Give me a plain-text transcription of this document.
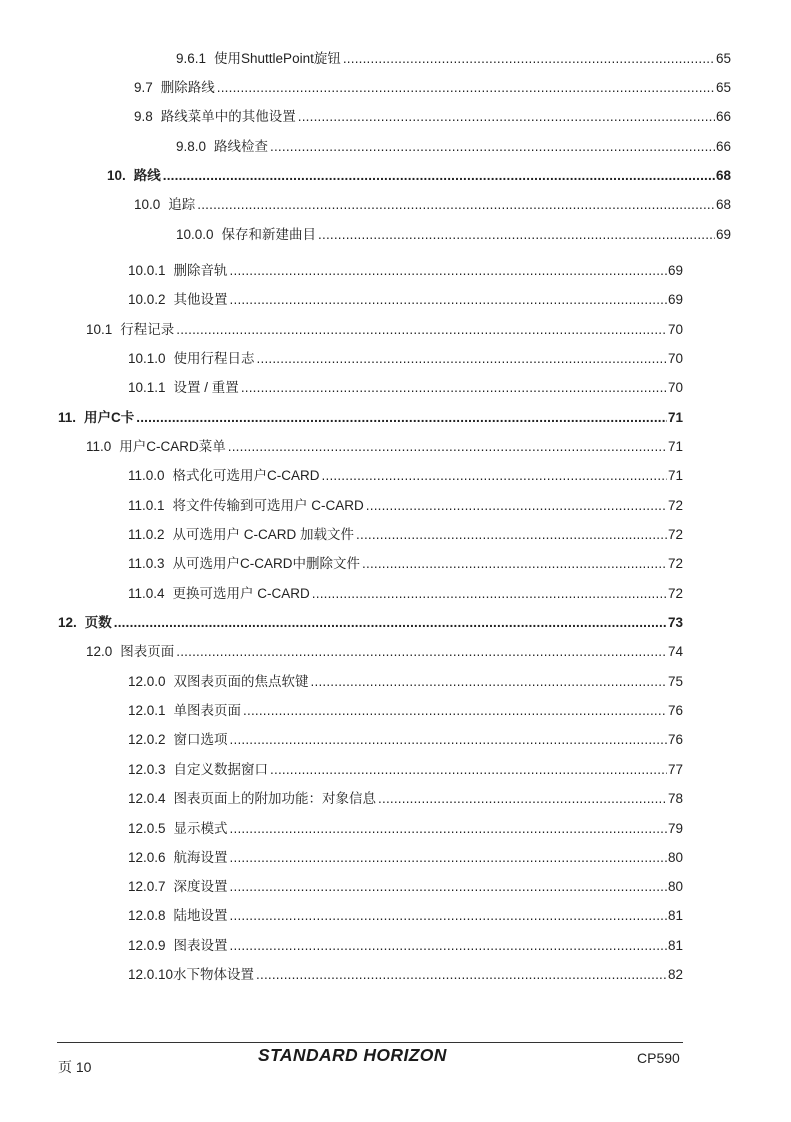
9.6.1 使用ShuttlePoint旋钮 .....	65
9.7 删除路线 .....	65
9.8 路线菜单中的其他设置 .....	66
9.8.0 路线检查 .....	66
10. 路线 .....	68
10.0 追踪 .....	68
10.0.0 保存和新建曲目 .....	69
10.0.1 删除音轨 .....	69
10.0.2 其他设置 .....	69
10.1 行程记录 .....	70
10.1.0 使用行程日志 .....	70
10.1.1 设置 / 重置 .....	70
11. 用户C卡 .....	71
11.0 用户C-CARD菜单 .....	71
11.0.0 格式化可选用户C-CARD .....	71
11.0.1 将文件传输到可选用户 C-CARD .....	72
11.0.2 从可选用户 C-CARD 加载文件 .....	72
11.0.3 从可选用户C-CARD中删除文件 .....	72
11.0.4 更换可选用户 C-CARD .....	72
12. 页数 .....	73
12.0 图表页面 .....	74
12.0.0 双图表页面的焦点软键 .....	75
12.0.1 单图表页面 .....	76
12.0.2 窗口选项 .....	76
12.0.3 自定义数据窗口 .....	77
12.0.4 图表页面上的附加功能：对象信息 .....	78
12.0.5 显示模式 .....	79
12.0.6 航海设置 .....	80
12.0.7 深度设置 .....	80
12.0.8 陆地设置 .....	81
12.0.9 图表设置 .....	81
12.0.10 水下物体设置 .....	82
页 10
STANDARD HORIZON	CP590
